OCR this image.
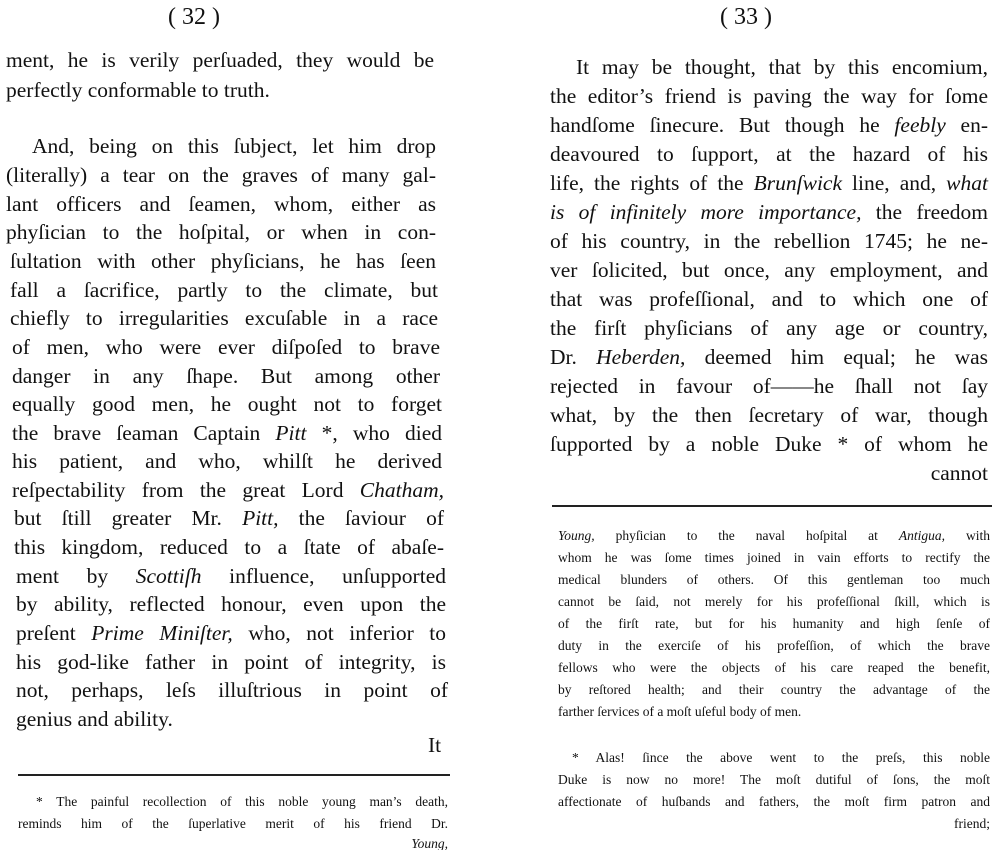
( 32 )
ment, he is verily perſuaded, they would be
perfectly conformable to truth.
And, being on this ſubject, let him drop
(literally) a tear on the graves of many gal-
lant officers and ſeamen, whom, either as
phyſician to the hoſpital, or when in con-
ſultation with other phyſicians, he has ſeen
fall a ſacrifice, partly to the climate, but
chiefly to irregularities excuſable in a race
of men, who were ever diſpoſed to brave
danger in any ſhape. But among other
equally good men, he ought not to forget
the brave ſeaman Captain Pitt *, who died
his patient, and who, whilſt he derived
reſpectability from the great Lord Chatham,
but ſtill greater Mr. Pitt, the ſaviour of
this kingdom, reduced to a ſtate of abaſe-
ment by Scottiſh influence, unſupported
by ability, reflected honour, even upon the
preſent Prime Miniſter, who, not inferior to
his god-like father in point of integrity, is
not, perhaps, leſs illuſtrious in point of
genius and ability.
It
* The painful recollection of this noble young man’s death,
reminds him of the ſuperlative merit of his friend Dr.
Young,
( 33 )
It may be thought, that by this encomium,
the editor’s friend is paving the way for ſome
handſome ſinecure. But though he feebly en-
deavoured to ſupport, at the hazard of his
life, the rights of the Brunſwick line, and, what
is of infinitely more importance, the freedom
of his country, in the rebellion 1745; he ne-
ver ſolicited, but once, any employment, and
that was profeſſional, and to which one of
the firſt phyſicians of any age or country,
Dr. Heberden, deemed him equal; he was
rejected in favour of——he ſhall not ſay
what, by the then ſecretary of war, though
ſupported by a noble Duke * of whom he
cannot
Young, phyſician to the naval hoſpital at Antigua, with
whom he was ſome times joined in vain efforts to rectify the
medical blunders of others. Of this gentleman too much
cannot be ſaid, not merely for his profeſſional ſkill, which is
of the firſt rate, but for his humanity and high ſenſe of
duty in the exerciſe of his profeſſion, of which the brave
fellows who were the objects of his care reaped the benefit,
by reſtored health; and their country the advantage of the
farther ſervices of a moſt uſeful body of men.
* Alas! ſince the above went to the preſs, this noble
Duke is now no more! The moſt dutiful of ſons, the moſt
affectionate of huſbands and fathers, the moſt firm patron and
friend;
